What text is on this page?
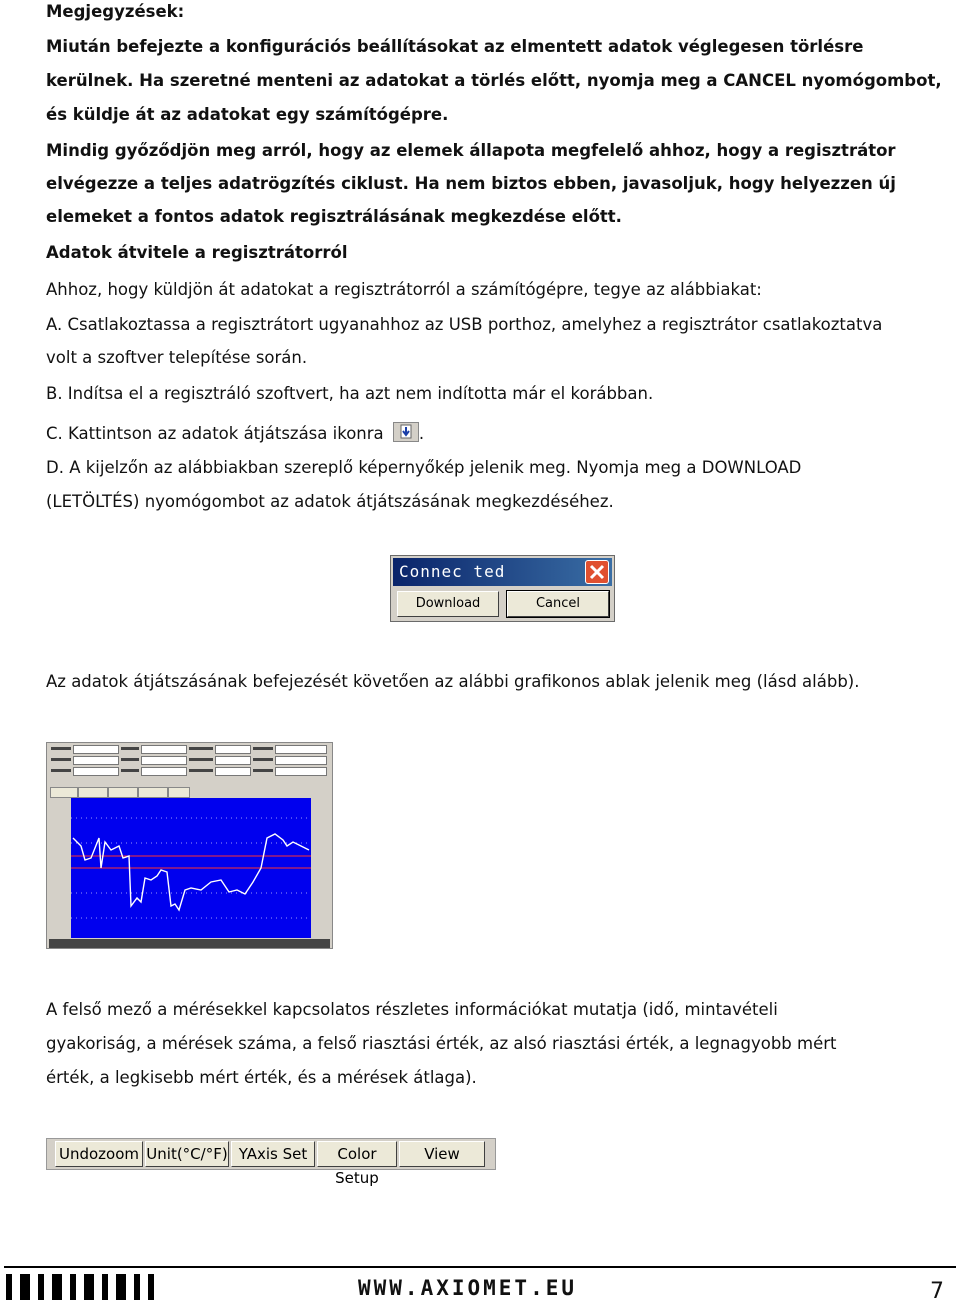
Megjegyzések:
Miután befejezte a konfigurációs beállításokat az elmentett adatok véglegesen törlésre
kerülnek. Ha szeretné menteni az adatokat a törlés előtt, nyomja meg a CANCEL nyomógombot,
és küldje át az adatokat egy számítógépre.
Mindig győződjön meg arról, hogy az elemek állapota megfelelő ahhoz, hogy a regisztrátor
elvégezze a teljes adatrögzítés ciklust. Ha nem biztos ebben, javasoljuk, hogy helyezzen új
elemeket a fontos adatok regisztrálásának megkezdése előtt.
Adatok átvitele a regisztrátorról
Ahhoz, hogy küldjön át adatokat a regisztrátorról a számítógépre, tegye az alábbiakat:
A. Csatlakoztassa a regisztrátort ugyanahhoz az USB porthoz, amelyhez a regisztrátor csatlakoztatva
volt a szoftver telepítése során.
B. Indítsa el a regisztráló szoftvert, ha azt nem indította már el korábban.
C. Kattintson az adatok átjátszása ikonra .
D. A kijelzőn az alábbiakban szereplő képernyőkép jelenik meg. Nyomja meg a DOWNLOAD
(LETÖLTÉS) nyomógombot az adatok átjátszásának megkezdéséhez.
Connec ted
Download	Cancel
Az adatok átjátszásának befejezését követően az alábbi grafikonos ablak jelenik meg (lásd alább).
A felső mező a mérésekkel kapcsolatos részletes információkat mutatja (idő, mintavételi
gyakoriság, a mérések száma, a felső riasztási érték, az alsó riasztási érték, a legnagyobb mért
érték, a legkisebb mért érték, és a mérések átlaga).
Undozoom Unit(°C/°F) YAxis Set	Color Setup
View
WWW.AXIOMET.EU	7
